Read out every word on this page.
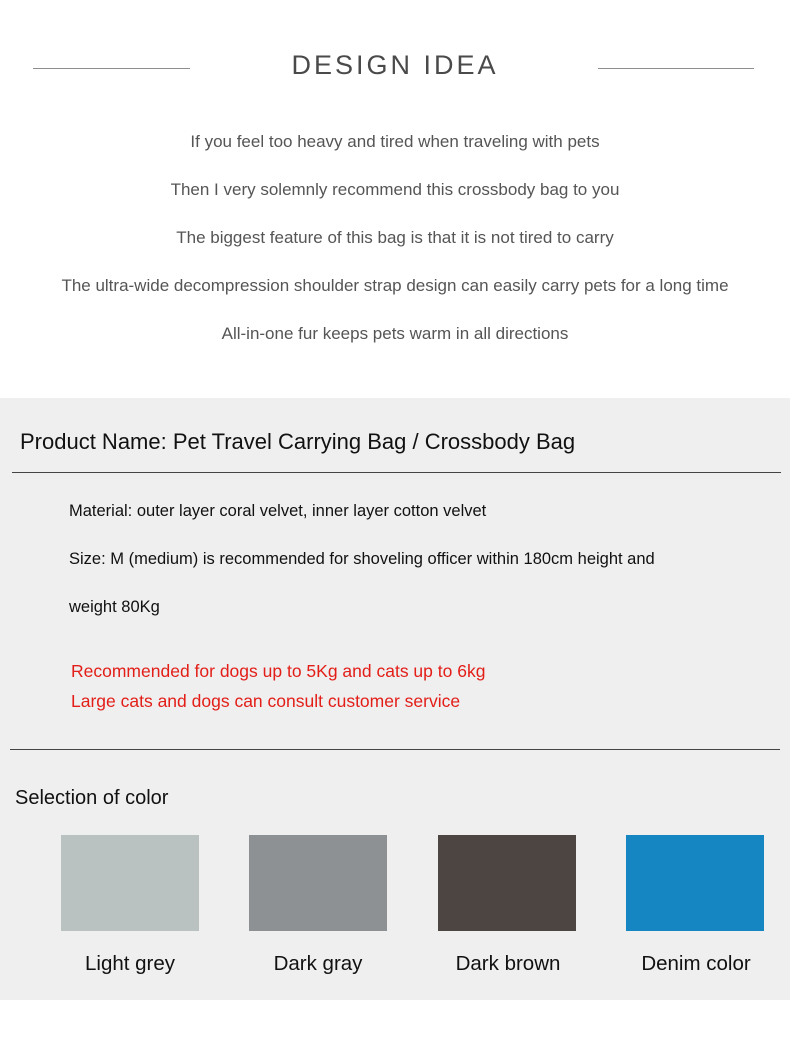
DESIGN IDEA
If you feel too heavy and tired when traveling with pets
Then I very solemnly recommend this crossbody bag to you
The biggest feature of this bag is that it is not tired to carry
The ultra-wide decompression shoulder strap design can easily carry pets for a long time
All-in-one fur keeps pets warm in all directions
Product Name: Pet Travel Carrying Bag / Crossbody Bag
Material: outer layer coral velvet, inner layer cotton velvet
Size: M (medium) is recommended for shoveling officer within 180cm height and
weight 80Kg
Recommended for dogs up to 5Kg and cats up to 6kg
Large cats and dogs can consult customer service
Selection of color
Light grey	Dark gray	Dark brown	Denim color
